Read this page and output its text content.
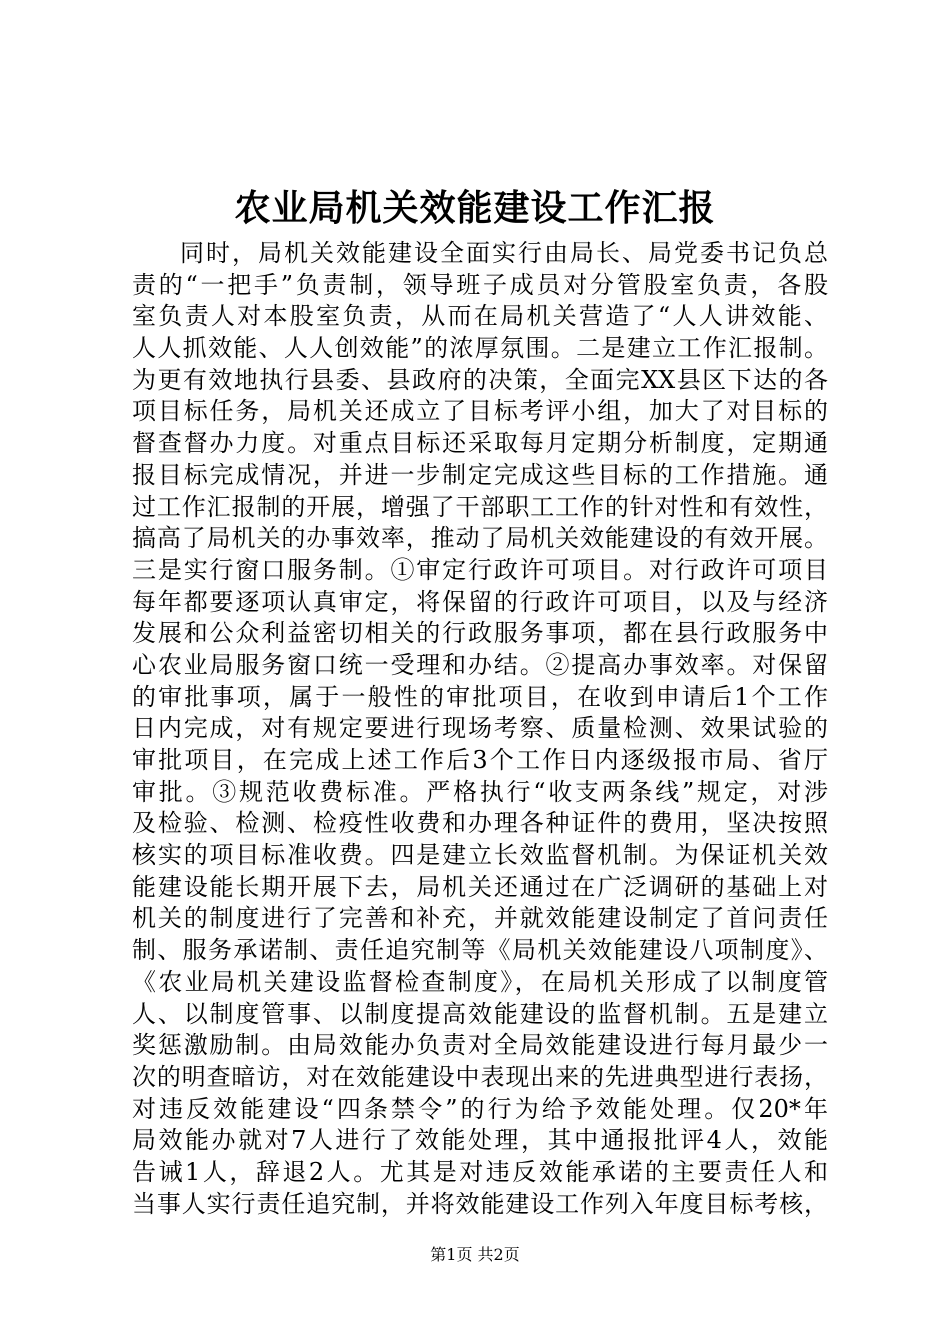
农业局机关效能建设工作汇报
同时，局机关效能建设全面实行由局长、局党委书记负总
责的“一把手”负责制，领导班子成员对分管股室负责，各股
室负责人对本股室负责，从而在局机关营造了“人人讲效能、
人人抓效能、人人创效能”的浓厚氛围。二是建立工作汇报制。
为更有效地执行县委、县政府的决策，全面完XX县区下达的各
项目标任务，局机关还成立了目标考评小组，加大了对目标的
督查督办力度。对重点目标还采取每月定期分析制度，定期通
报目标完成情况，并进一步制定完成这些目标的工作措施。通
过工作汇报制的开展，增强了干部职工工作的针对性和有效性，
搞高了局机关的办事效率，推动了局机关效能建设的有效开展。
三是实行窗口服务制。①审定行政许可项目。对行政许可项目
每年都要逐项认真审定，将保留的行政许可项目，以及与经济
发展和公众利益密切相关的行政服务事项，都在县行政服务中
心农业局服务窗口统一受理和办结。②提高办事效率。对保留
的审批事项，属于一般性的审批项目，在收到申请后1个工作
日内完成，对有规定要进行现场考察、质量检测、效果试验的
审批项目，在完成上述工作后3个工作日内逐级报市局、省厅
审批。③规范收费标准。严格执行“收支两条线”规定，对涉
及检验、检测、检疫性收费和办理各种证件的费用，坚决按照
核实的项目标准收费。四是建立长效监督机制。为保证机关效
能建设能长期开展下去，局机关还通过在广泛调研的基础上对
机关的制度进行了完善和补充，并就效能建设制定了首问责任
制、服务承诺制、责任追究制等《局机关效能建设八项制度》、
《农业局机关建设监督检查制度》，在局机关形成了以制度管
人、以制度管事、以制度提高效能建设的监督机制。五是建立
奖惩激励制。由局效能办负责对全局效能建设进行每月最少一
次的明查暗访，对在效能建设中表现出来的先进典型进行表扬，
对违反效能建设“四条禁令”的行为给予效能处理。仅20*年
局效能办就对7人进行了效能处理，其中通报批评4人，效能
告诫1人，辞退2人。尤其是对违反效能承诺的主要责任人和
当事人实行责任追究制，并将效能建设工作列入年度目标考核，
第1页 共2页
